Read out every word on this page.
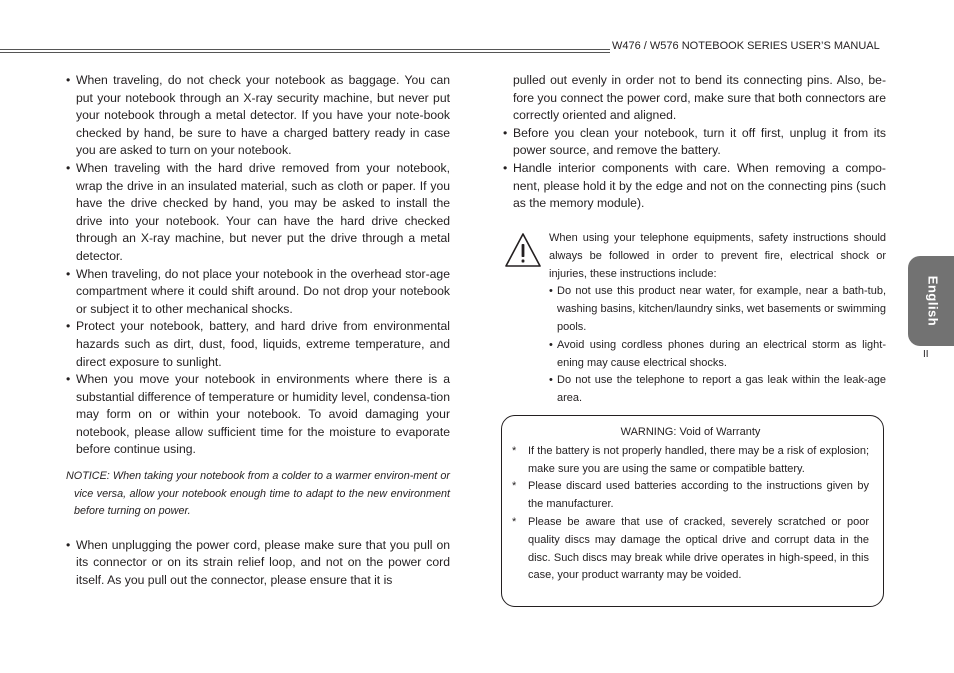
W476 / W576 NOTEBOOK SERIES USER’S MANUAL
• When traveling, do not check your notebook as baggage. You can put your notebook through an X-ray security machine, but never put your notebook through a metal detector. If you have your note-book checked by hand, be sure to have a charged battery ready in case you are asked to turn on your notebook.
• When traveling with the hard drive removed from your notebook, wrap the drive in an insulated material, such as cloth or paper. If you have the drive checked by hand, you may be asked to install the drive into your notebook. Your can have the hard drive checked through an X-ray machine, but never put the drive through a metal detector.
• When traveling, do not place your notebook in the overhead stor-age compartment where it could shift around. Do not drop your notebook or subject it to other mechanical shocks.
• Protect your notebook, battery, and hard drive from environmental hazards such as dirt, dust, food, liquids, extreme temperature, and direct exposure to sunlight.
• When you move your notebook in environments where there is a substantial difference of temperature or humidity level, condensa-tion may form on or within your notebook. To avoid damaging your notebook, please allow sufficient time for the moisture to evaporate before continue using.
NOTICE: When taking your notebook from a colder to a warmer environ-ment or vice versa, allow your notebook enough time to adapt to the new environment before turning on power.
• When unplugging the power cord, please make sure that you pull on its connector or on its strain relief loop, and not on the power cord itself. As you pull out the connector, please ensure that it is
pulled out evenly in order not to bend its connecting pins. Also, be-fore you connect the power cord, make sure that both connectors are correctly oriented and aligned.
• Before you clean your notebook, turn it off first, unplug it from its power source, and remove the battery.
• Handle interior components with care. When removing a compo-nent, please hold it by the edge and not on the connecting pins (such as the memory module).
When using your telephone equipments, safety instructions should always be followed in order to prevent fire, electrical shock or injuries, these instructions include:
• Do not use this product near water, for example, near a bath-tub, washing basins, kitchen/laundry sinks, wet basements or swimming pools.
• Avoid using cordless phones during an electrical storm as light-ening may cause electrical shocks.
• Do not use the telephone to report a gas leak within the leak-age area.
WARNING: Void of Warranty
* If the battery is not properly handled, there may be a risk of explosion; make sure you are using the same or compatible battery.
* Please discard used batteries according to the instructions given by the manufacturer.
* Please be aware that use of cracked, severely scratched or poor quality discs may damage the optical drive and corrupt data in the disc. Such discs may break while drive operates in high-speed, in this case, your product warranty may be voided.
English
II
